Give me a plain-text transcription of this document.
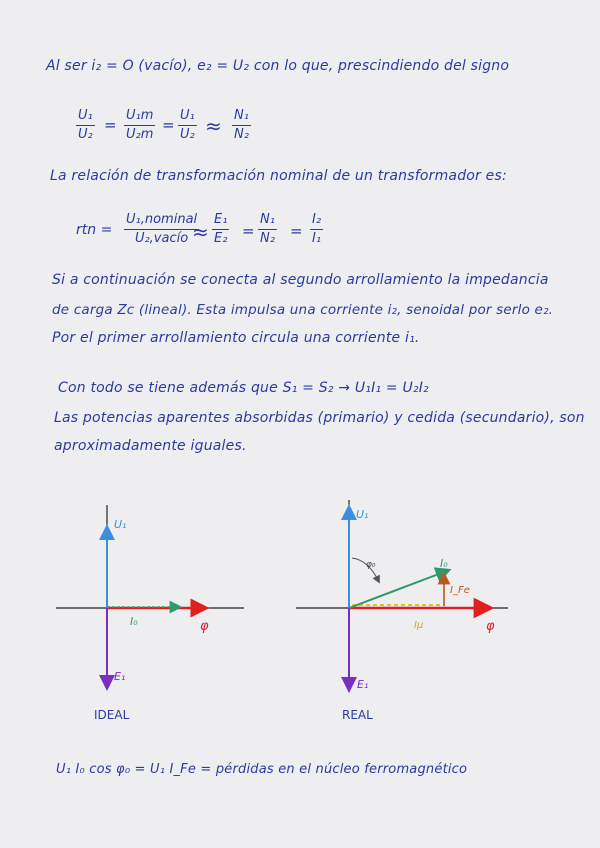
Al ser i₂ = O (vacío), e₂ = U₂ con lo que, prescindiendo del signo
U₁
U₂
=
U₁m
U₂m
=
U₁
U₂ ≈ N₁
N₂
La relación de transformación nominal de un transformador es:
rtn =
U₁,nominal
U₂,vacío ≈
E₁
E₂ =
N₁
N₂ =
I₂
I₁
Si a continuación se conecta al segundo arrollamiento la impedancia
de carga Zc (lineal). Esta impulsa una corriente i₂, senoidal por serlo e₂.
Por el primer arrollamiento circula una corriente i₁.
Con todo se tiene además que S₁ = S₂ → U₁I₁ = U₂I₂
Las potencias aparentes absorbidas (primario) y cedida (secundario), son
aproximadamente iguales.
U₁
E₁
I₀	φ
IDEAL
U₁
E₁
I₀
I_Fe
Iμ	φ
φ₀
REAL
U₁ I₀ cos φ₀ = U₁ I_Fe = pérdidas en el núcleo ferromagnético
